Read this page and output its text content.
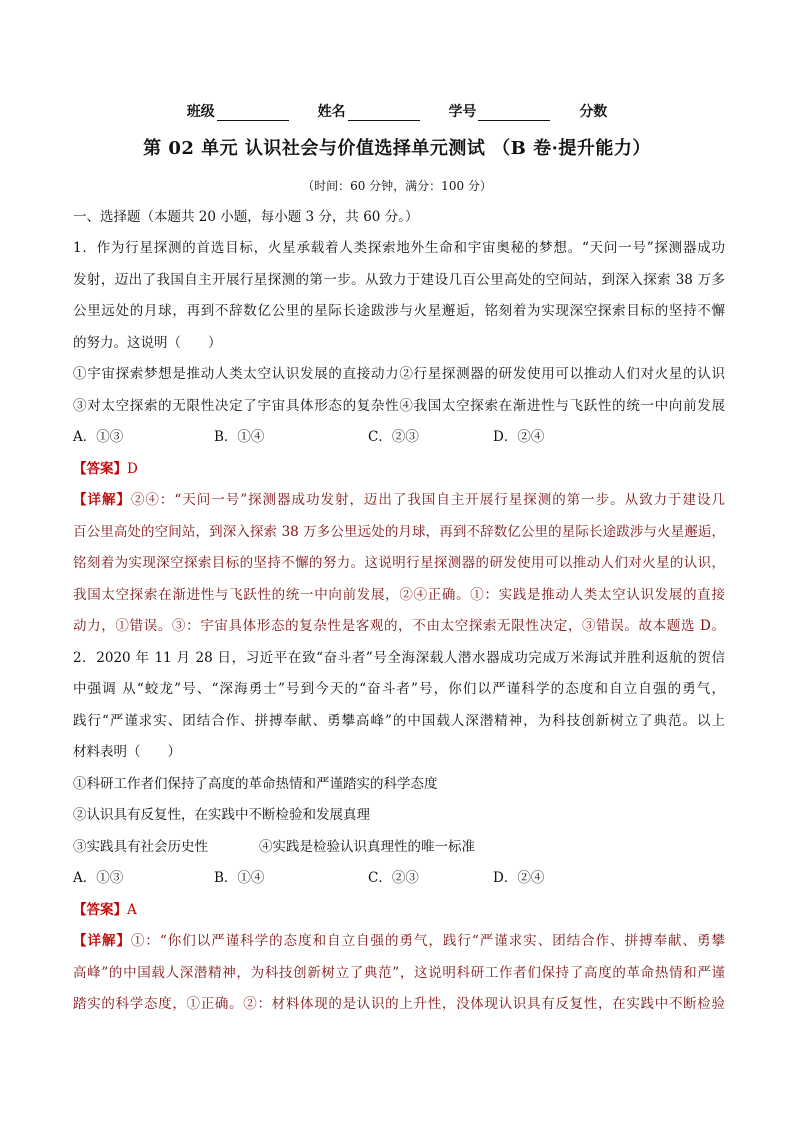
班级	姓名	学号	分数
第 02 单元 认识社会与价值选择单元测试 （B 卷·提升能力）
（时间：60 分钟，满分：100 分）
一、选择题（本题共 20 小题，每小题 3 分，共 60 分。）
1．作为行星探测的首选目标，火星承载着人类探索地外生命和宇宙奥秘的梦想。“天问一号”探测器成功
发射，迈出了我国自主开展行星探测的第一步。从致力于建设几百公里高处的空间站，到深入探索 38 万多
公里远处的月球，再到不辞数亿公里的星际长途跋涉与火星邂逅，铭刻着为实现深空探索目标的坚持不懈
的努力。这说明（　　）
①宇宙探索梦想是推动人类太空认识发展的直接动力②行星探测器的研发使用可以推动人们对火星的认识
③对太空探索的无限性决定了宇宙具体形态的复杂性④我国太空探索在渐进性与飞跃性的统一中向前发展
A．①③	B．①④	C．②③	D．②④
【答案】D
【详解】②④：“天问一号”探测器成功发射，迈出了我国自主开展行星探测的第一步。从致力于建设几
百公里高处的空间站，到深入探索 38 万多公里远处的月球，再到不辞数亿公里的星际长途跋涉与火星邂逅，
铭刻着为实现深空探索目标的坚持不懈的努力。这说明行星探测器的研发使用可以推动人们对火星的认识，
我国太空探索在渐进性与飞跃性的统一中向前发展，②④正确。①：实践是推动人类太空认识发展的直接
动力，①错误。③：宇宙具体形态的复杂性是客观的，不由太空探索无限性决定，③错误。故本题选 D。
2．2020 年 11 月 28 日，习近平在致“奋斗者”号全海深载人潜水器成功完成万米海试并胜利返航的贺信
中强调 从“蛟龙”号、“深海勇士”号到今天的“奋斗者”号，你们以严谨科学的态度和自立自强的勇气，
践行“严谨求实、团结合作、拼搏奉献、勇攀高峰”的中国载人深潜精神，为科技创新树立了典范。以上
材料表明（　　）
①科研工作者们保持了高度的革命热情和严谨踏实的科学态度
②认识具有反复性，在实践中不断检验和发展真理
③实践具有社会历史性	④实践是检验认识真理性的唯一标准
A．①③	B．①④	C．②③	D．②④
【答案】A
【详解】①：“你们以严谨科学的态度和自立自强的勇气，践行“严谨求实、团结合作、拼搏奉献、勇攀
高峰”的中国载人深潜精神，为科技创新树立了典范”，这说明科研工作者们保持了高度的革命热情和严谨
踏实的科学态度，①正确。②：材料体现的是认识的上升性，没体现认识具有反复性，在实践中不断检验
